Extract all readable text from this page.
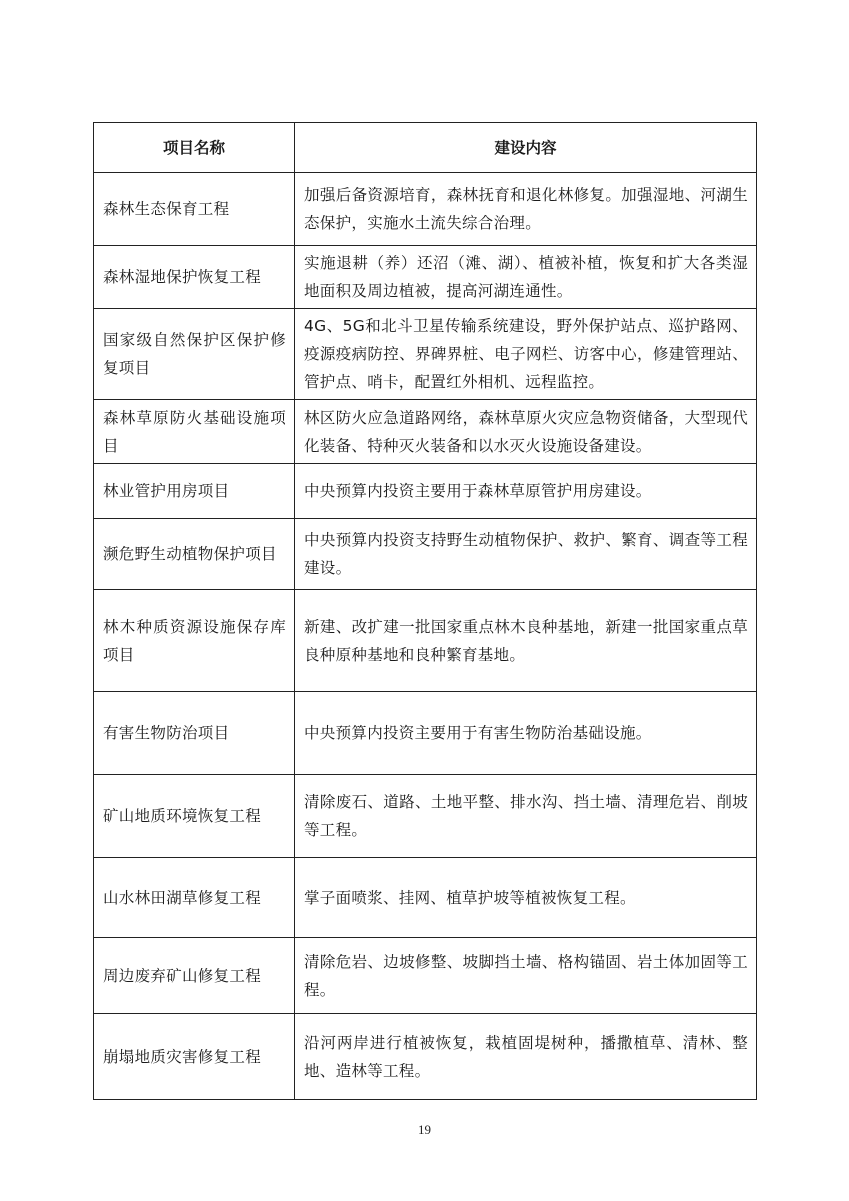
项目名称	建设内容
森林生态保育工程	加强后备资源培育，森林抚育和退化林修复。加强湿地、河湖生态保护，实施水土流失综合治理。
森林湿地保护恢复工程	实施退耕（养）还沼（滩、湖）、植被补植，恢复和扩大各类湿地面积及周边植被，提高河湖连通性。
国家级自然保护区保护修复项目	4G、5G和北斗卫星传输系统建设，野外保护站点、巡护路网、疫源疫病防控、界碑界桩、电子网栏、访客中心，修建管理站、管护点、哨卡，配置红外相机、远程监控。
森林草原防火基础设施项目	林区防火应急道路网络，森林草原火灾应急物资储备，大型现代化装备、特种灭火装备和以水灭火设施设备建设。
林业管护用房项目	中央预算内投资主要用于森林草原管护用房建设。
濒危野生动植物保护项目	中央预算内投资支持野生动植物保护、救护、繁育、调查等工程建设。
林木种质资源设施保存库项目	新建、改扩建一批国家重点林木良种基地，新建一批国家重点草良种原种基地和良种繁育基地。
有害生物防治项目	中央预算内投资主要用于有害生物防治基础设施。
矿山地质环境恢复工程	清除废石、道路、土地平整、排水沟、挡土墙、清理危岩、削坡等工程。
山水林田湖草修复工程	掌子面喷浆、挂网、植草护坡等植被恢复工程。
周边废弃矿山修复工程	清除危岩、边坡修整、坡脚挡土墙、格构锚固、岩土体加固等工程。
崩塌地质灾害修复工程	沿河两岸进行植被恢复，栽植固堤树种，播撒植草、清林、整地、造林等工程。
19
